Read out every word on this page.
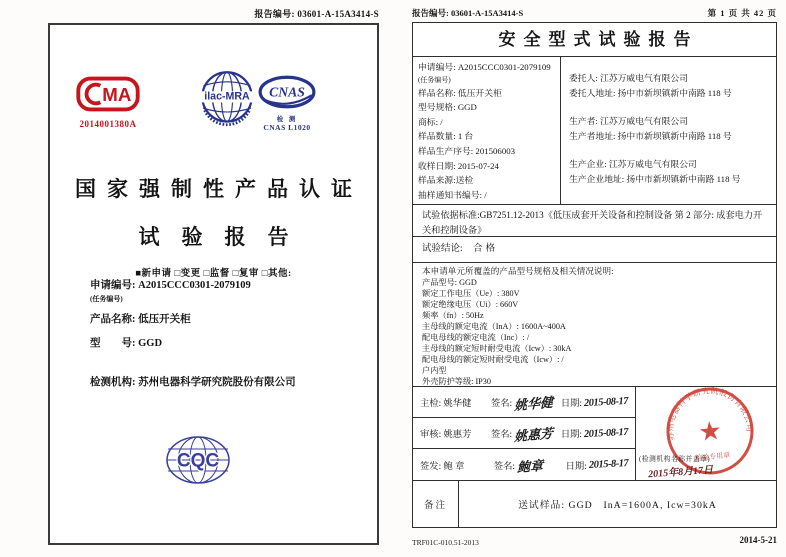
报告编号: 03601-A-15A3414-S
MA
2014001380A
ilac-MRA CNAS
检 测
CNAS L1020
国家强制性产品认证
试验报告
■新申请 □变更 □监督 □复审 □其他:
申请编号: A2015CCC0301-2079109
(任务编号)
产品名称: 低压开关柜
型　　号: GGD
检测机构: 苏州电器科学研究院股份有限公司
CQC
报告编号: 03601-A-15A3414-S	第 1 页 共 42 页
安全型式试验报告
申请编号: A2015CCC0301-2079109
(任务编号)
样品名称: 低压开关柜
型号规格: GGD
商标: /
样品数量: 1 台
样品生产序号: 201506003
收样日期: 2015-07-24
样品来源:送检
抽样通知书编号: /
委托人: 江苏万威电气有限公司
委托人地址: 扬中市新坝镇新中南路 118 号
生产者: 江苏万威电气有限公司
生产者地址: 扬中市新坝镇新中南路 118 号
生产企业: 江苏万威电气有限公司
生产企业地址: 扬中市新坝镇新中南路 118 号
试验依据标准:GB7251.12-2013《低压成套开关设备和控制设备 第 2 部分: 成套电力开关和控制设备》
试验结论: 合格
本申请单元所覆盖的产品型号规格及相关情况说明:
产品型号: GGD
额定工作电压（Ue）: 380V
额定绝缘电压（Ui）: 660V
频率（fn）: 50Hz
主母线的额定电流（InA）: 1600A~400A
配电母线的额定电流（Inc）: /
主母线的额定短时耐受电流（Icw）: 30kA
配电母线的额定短时耐受电流（Icw）: /
户内型
外壳防护等级: IP30
主检: 姚华健	签名: 姚华健 日期: 2015-08-17
审核: 姚惠芳	签名: 姚惠芳 日期: 2015-08-17
签发: 鲍 章	签名: 鲍章	日期: 2015-8-17
苏州电器科学研究院股份有限公司
★
检验专用章
(检测机构名称并盖章)
2015年8月17日
备注	送试样品: GGD　InA=1600A, Icw=30kA
TRF01C-010.51-2013	2014-5-21
